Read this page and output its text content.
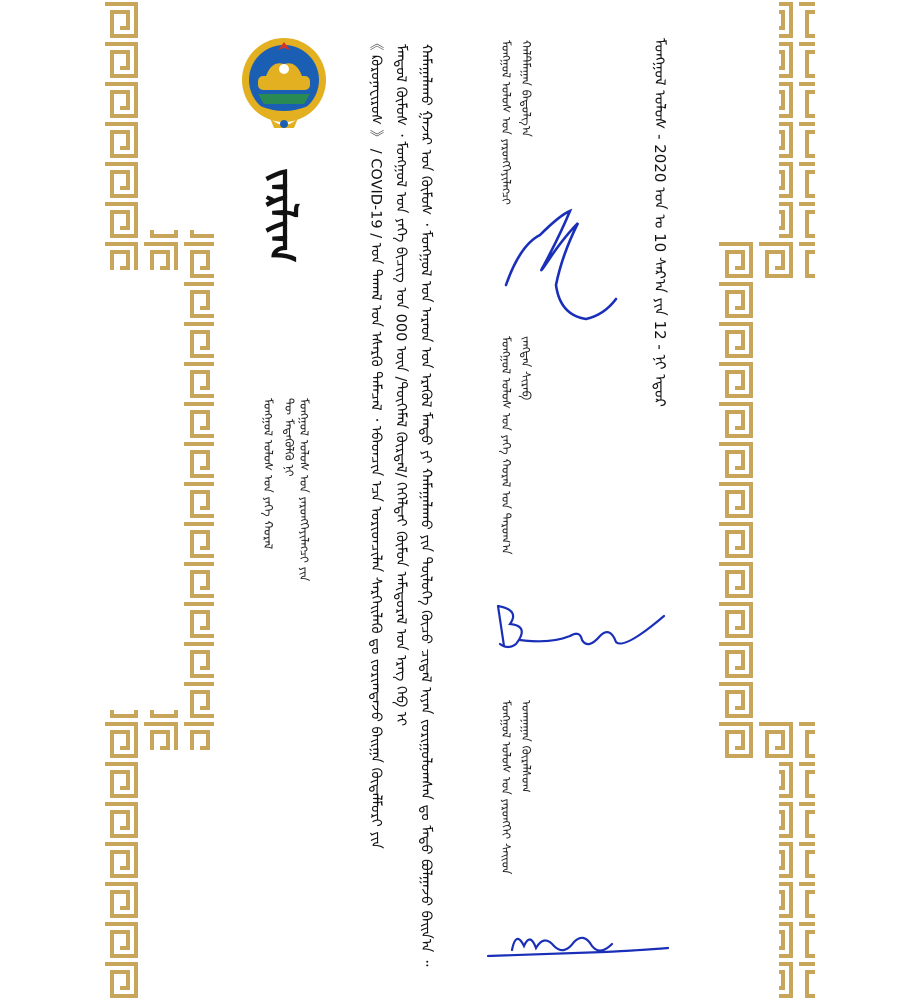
ᠵᠠᠷᠯᠢᠭ
ᠮᠣᠩᠭᠣᠯ ᠤᠯᠤᠰ ᠤᠨ ᠶᠡᠬᠡ ᠬᠤᠷᠠᠯ ᠲᠦ ᠮᠡᠳᠡᠭᠦᠯᠬᠦ ᠨᠢ ᠮᠣᠩᠭᠣᠯ ᠤᠯᠤᠰ ᠤᠨ ᠶᠡᠷᠦᠩᠬᠡᠶᠢᠯᠡᠭᠴᠢ ᠶᠢᠨ	《 ᠺᠣᠷᠣᠨᠠᠸᠢᠷᠦᠰ 》 / COVID-19 / ᠤᠨ ᠲᠠᠬᠠᠯ ᠤᠨ ᠡᠰᠡᠷᠭᠦ ᠲᠡᠮᠡᠴᠡᠯ ᠂ ᠡᠪᠡᠳᠴᠢᠨ ᠡᠴᠡ ᠤᠷᠢᠳᠴᠢᠯᠠᠨ ᠰᠡᠷᠭᠡᠢᠯᠡᠬᠦ ᠳᠤ ᠵᠣᠷᠢᠭᠳᠠᠵᠤ ᠪᠠᠢᠭᠠ ᠬᠦᠳᠡᠯᠮᠦᠷᠢ ᠶᠢᠨ ᠮᠠᠨᠳᠤᠯ ᠬᠦᠮᠦᠰ ᠂ ᠮᠣᠩᠭᠣᠯ ᠤᠨ ᠶᠡᠬᠡ ᠪᠢᠴᠢᠭ ᠤᠨ 000 ᠦᠨ /ᠲᠦᠭᠡᠮᠡᠯ ᠬᠦᠷᠲᠡᠯ/ ᠭᠡᠭᠡᠯᠳᠡᠢ ᠬᠦᠮᠦᠨ ᠠᠮᠢᠳᠤᠷᠠᠯ ᠤᠨ ᠡᠷᠡᠭ ᠬᠡᠪ ᠢ ᠬᠠᠮᠠᠭᠠᠯᠠᠬᠤ ᠭᠠᠵᠠᠷ ᠤᠨ ᠬᠦᠮᠦᠰ ᠂ ᠮᠣᠩᠭᠣᠯ ᠤᠨ ᠠᠷᠠᠳ ᠤᠨ ᠡᠷᠡᠭᠦᠯ ᠮᠡᠨᠳᠦ ᠶᠢ ᠬᠠᠮᠠᠭᠠᠯᠠᠬᠤ ᠶᠢᠨ ᠲᠦᠯᠦᠭᠡ ᠬᠦᠴᠦ ᠴᠢᠳᠠᠯ ᠢᠶᠠᠨ ᠵᠣᠷᠢᠭᠤᠯᠤᠭᠰᠠᠨ ᠳᠤ ᠮᠠᠲᠤ ᠪᠣᠯᠭᠠᠵᠤ ᠪᠠᠢᠨ᠎ᠠ ᠃	ᠮᠣᠩᠭᠣᠯ ᠤᠯᠤᠰ ᠤᠨ ᠶᠡᠷᠦᠩᠬᠡᠶᠢᠯᠡᠭᠴᠢ ᠬᠠᠯᠲᠮᠠᠭᠠᠨ ᠪᠠᠲᠤᠯᠭ᠎ᠠ
ᠮᠣᠩᠭᠣᠯ ᠤᠯᠤᠰ ᠤᠨ ᠶᠡᠬᠡ ᠬᠤᠷᠠᠯ ᠤᠨ ᠳᠠᠷᠤᠭ᠎ᠠ ᠵᠠᠩᠳᠠᠨ ᠰᠢᠷᠠᠪ
ᠮᠣᠩᠭᠣᠯ ᠤᠯᠤᠰ ᠤᠨ ᠶᠡᠷᠦᠩᠬᠡᠢ ᠰᠠᠢᠳ ᠤᠬᠨᠠᠭᠠᠨ ᠬᠦᠷᠡᠯᠰᠦᠬ
ᠮᠣᠩᠭᠣᠯ ᠤᠯᠤᠰ - 2020 ᠣᠨ ᠤ 10 ᠰᠠᠷ᠎ᠠ ᠶᠢᠨ 12 - ᠨᠢ ᠡᠳᠦᠷ
